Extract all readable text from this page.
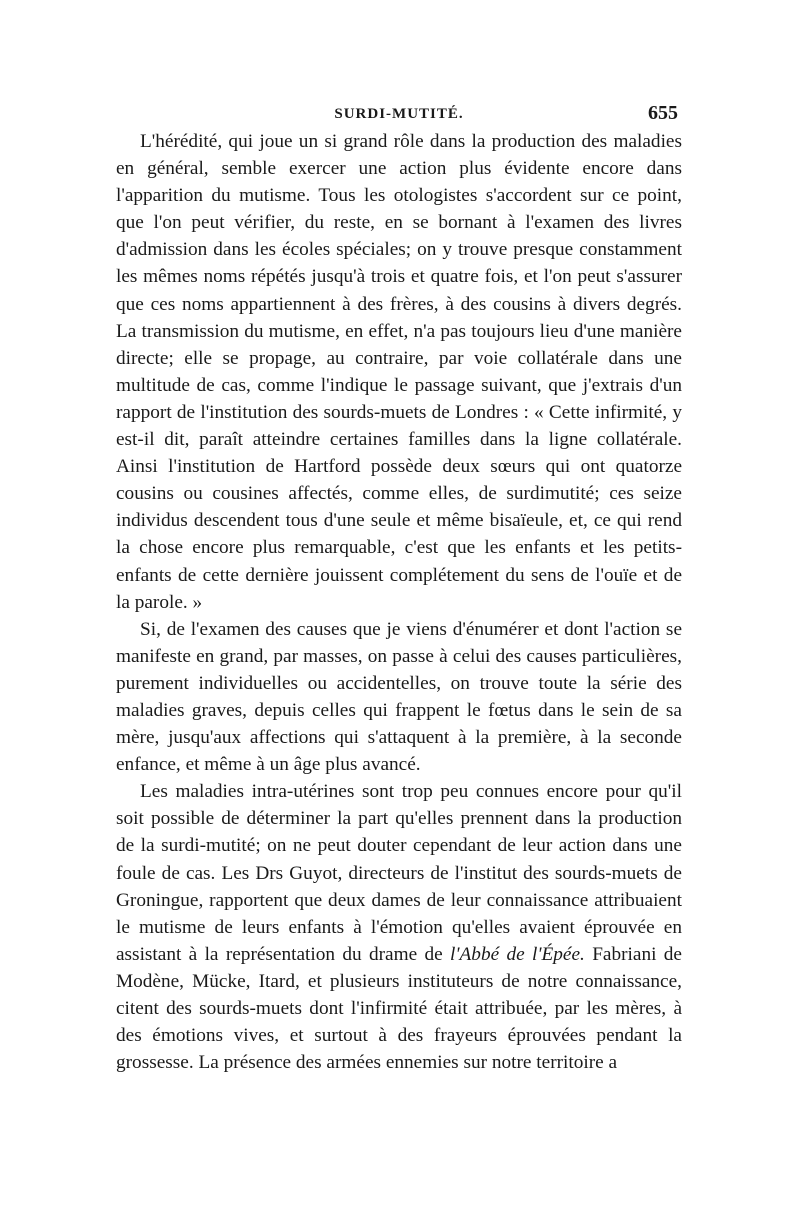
SURDI-MUTITÉ.	655

L'hérédité, qui joue un si grand rôle dans la production des maladies en général, semble exercer une action plus évidente encore dans l'apparition du mutisme. Tous les otologistes s'accordent sur ce point, que l'on peut vérifier, du reste, en se bornant à l'examen des livres d'admission dans les écoles spéciales; on y trouve presque constamment les mêmes noms répétés jusqu'à trois et quatre fois, et l'on peut s'assurer que ces noms appartiennent à des frères, à des cousins à divers degrés. La transmission du mutisme, en effet, n'a pas toujours lieu d'une manière directe; elle se propage, au contraire, par voie collatérale dans une multitude de cas, comme l'indique le passage suivant, que j'extrais d'un rapport de l'institution des sourds-muets de Londres : « Cette infirmité, y est-il dit, paraît atteindre certaines familles dans la ligne collatérale. Ainsi l'institution de Hartford possède deux sœurs qui ont quatorze cousins ou cousines affectés, comme elles, de surdimutité; ces seize individus descendent tous d'une seule et même bisaïeule, et, ce qui rend la chose encore plus remarquable, c'est que les enfants et les petits-enfants de cette dernière jouissent complétement du sens de l'ouïe et de la parole. »

Si, de l'examen des causes que je viens d'énumérer et dont l'action se manifeste en grand, par masses, on passe à celui des causes particulières, purement individuelles ou accidentelles, on trouve toute la série des maladies graves, depuis celles qui frappent le fœtus dans le sein de sa mère, jusqu'aux affections qui s'attaquent à la première, à la seconde enfance, et même à un âge plus avancé.

Les maladies intra-utérines sont trop peu connues encore pour qu'il soit possible de déterminer la part qu'elles prennent dans la production de la surdi-mutité; on ne peut douter cependant de leur action dans une foule de cas. Les Drs Guyot, directeurs de l'institut des sourds-muets de Groningue, rapportent que deux dames de leur connaissance attribuaient le mutisme de leurs enfants à l'émotion qu'elles avaient éprouvée en assistant à la représentation du drame de l'Abbé de l'Épée. Fabriani de Modène, Mücke, Itard, et plusieurs instituteurs de notre connaissance, citent des sourds-muets dont l'infirmité était attribuée, par les mères, à des émotions vives, et surtout à des frayeurs éprouvées pendant la grossesse. La présence des armées ennemies sur notre territoire a
